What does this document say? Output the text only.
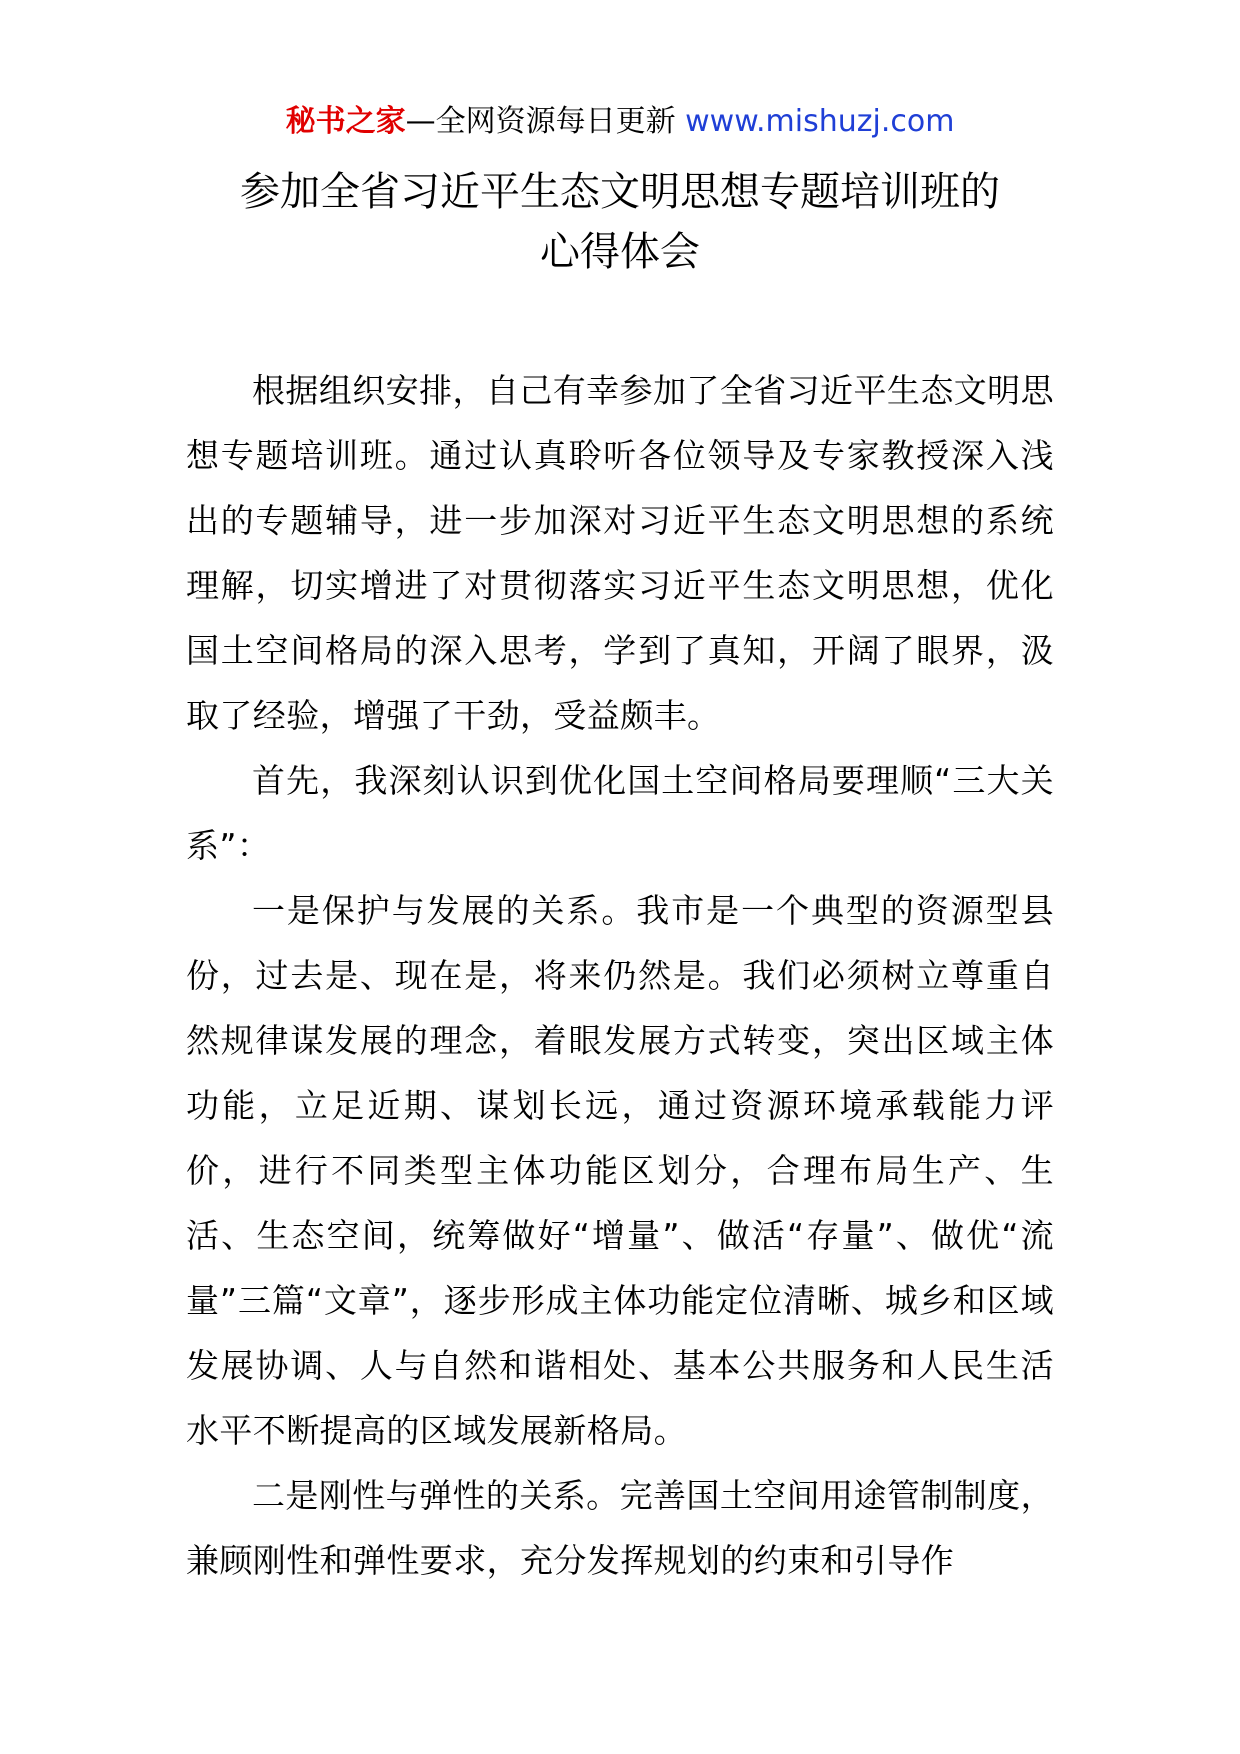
秘书之家—全网资源每日更新 www.mishuzj.com
参加全省习近平生态文明思想专题培训班的
心得体会

根据组织安排，自己有幸参加了全省习近平生态文明思想专题培训班。通过认真聆听各位领导及专家教授深入浅出的专题辅导，进一步加深对习近平生态文明思想的系统理解，切实增进了对贯彻落实习近平生态文明思想，优化国土空间格局的深入思考，学到了真知，开阔了眼界，汲取了经验，增强了干劲，受益颇丰。

首先，我深刻认识到优化国土空间格局要理顺“三大关系”：

一是保护与发展的关系。我市是一个典型的资源型县份，过去是、现在是，将来仍然是。我们必须树立尊重自然规律谋发展的理念，着眼发展方式转变，突出区域主体功能，立足近期、谋划长远，通过资源环境承载能力评价，进行不同类型主体功能区划分，合理布局生产、生活、生态空间，统筹做好“增量”、做活“存量”、做优“流量”三篇“文章”，逐步形成主体功能定位清晰、城乡和区域发展协调、人与自然和谐相处、基本公共服务和人民生活水平不断提高的区域发展新格局。

二是刚性与弹性的关系。完善国土空间用途管制制度，兼顾刚性和弹性要求，充分发挥规划的约束和引导作
